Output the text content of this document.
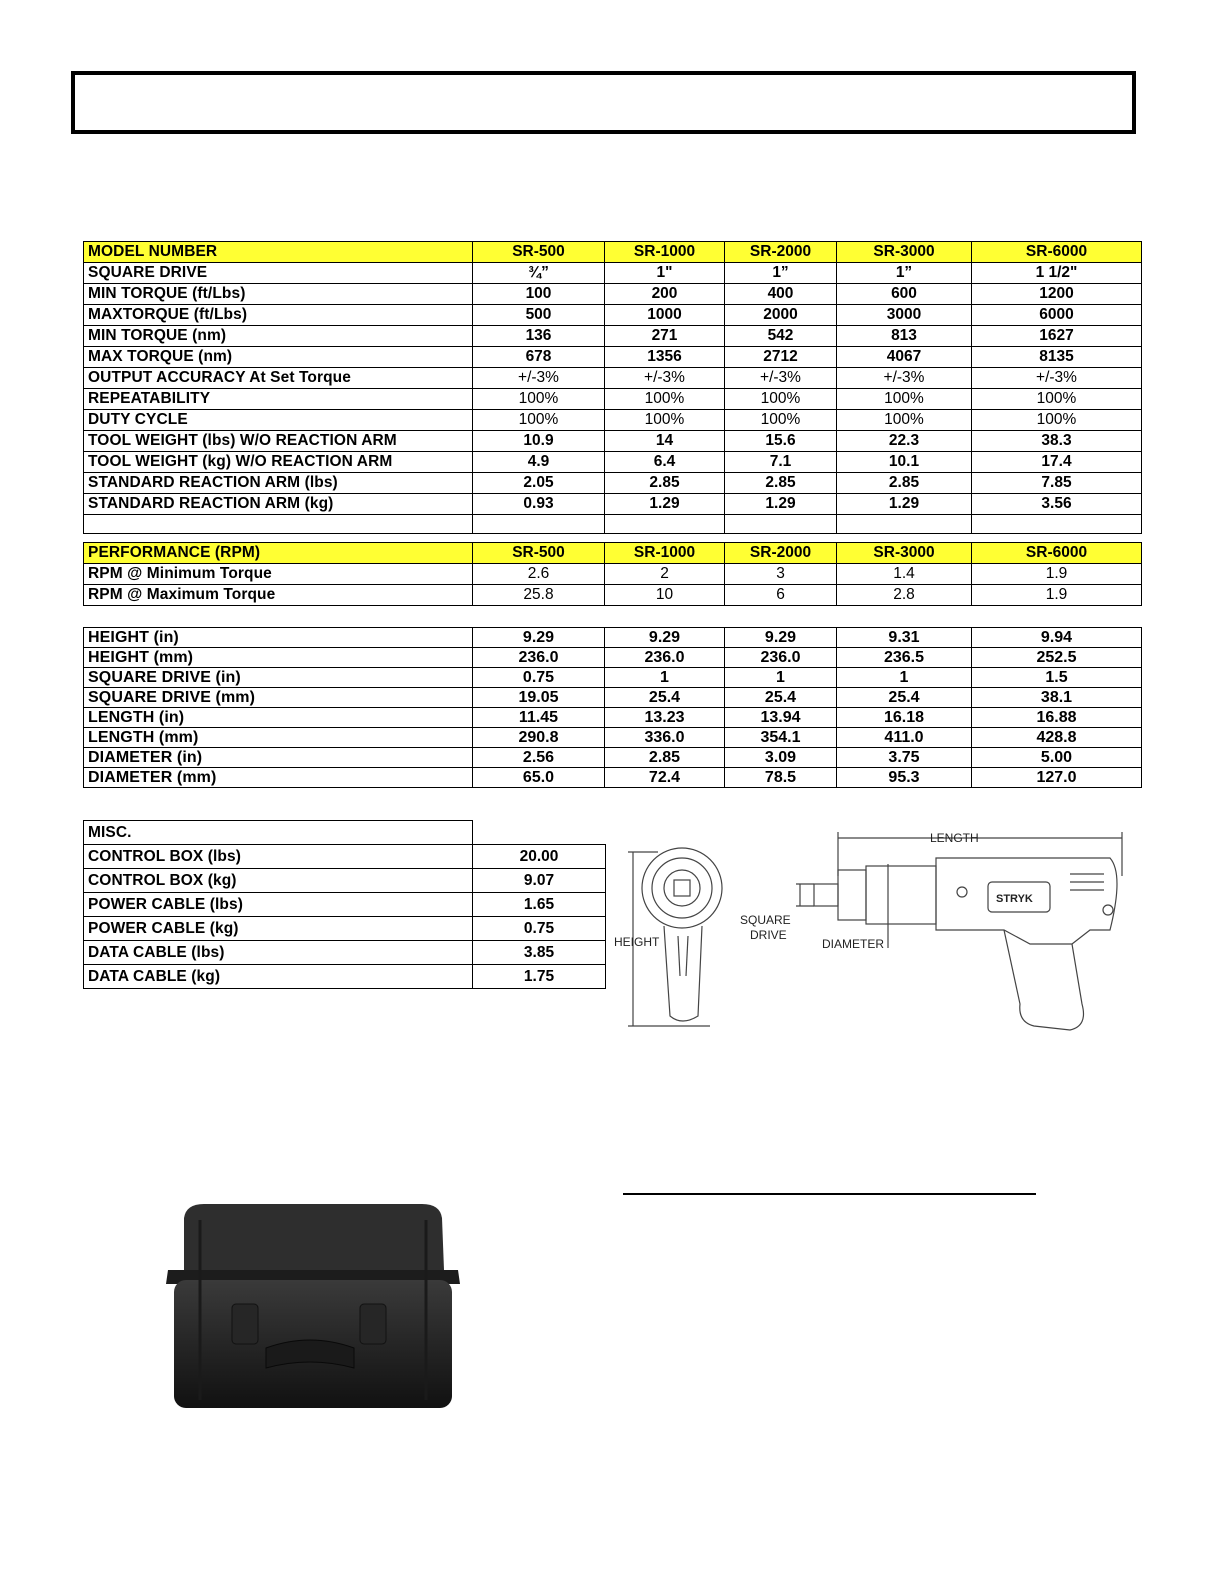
MODEL NUMBER	SR-500	SR-1000	SR-2000	SR-3000	SR-6000
SQUARE DRIVE	¾”	1"	1”	1”	1 1/2"
MIN TORQUE (ft/Lbs)	100	200	400	600	1200
MAXTORQUE (ft/Lbs)	500	1000	2000	3000	6000
MIN TORQUE (nm)	136	271	542	813	1627
MAX TORQUE (nm)	678	1356	2712	4067	8135
OUTPUT ACCURACY At Set Torque	+/-3%	+/-3%	+/-3%	+/-3%	+/-3%
REPEATABILITY	100%	100%	100%	100%	100%
DUTY CYCLE	100%	100%	100%	100%	100%
TOOL WEIGHT (lbs) W/O REACTION ARM	10.9	14	15.6	22.3	38.3
TOOL WEIGHT (kg) W/O REACTION ARM	4.9	6.4	7.1	10.1	17.4
STANDARD REACTION ARM (lbs)	2.05	2.85	2.85	2.85	7.85
STANDARD REACTION ARM (kg)	0.93	1.29	1.29	1.29	3.56

PERFORMANCE (RPM)	SR-500	SR-1000	SR-2000	SR-3000	SR-6000
RPM @ Minimum Torque	2.6	2	3	1.4	1.9
RPM @ Maximum Torque	25.8	10	6	2.8	1.9
HEIGHT (in)	9.29	9.29	9.29	9.31	9.94
HEIGHT (mm)	236.0	236.0	236.0	236.5	252.5
SQUARE DRIVE (in)	0.75	1	1	1	1.5
SQUARE DRIVE (mm)	19.05	25.4	25.4	25.4	38.1
LENGTH (in)	11.45	13.23	13.94	16.18	16.88
LENGTH (mm)	290.8	336.0	354.1	411.0	428.8
DIAMETER (in)	2.56	2.85	3.09	3.75	5.00
DIAMETER (mm)	65.0	72.4	78.5	95.3	127.0
MISC.	
CONTROL BOX (lbs)	20.00
CONTROL BOX (kg)	9.07
POWER CABLE (lbs)	1.65
POWER CABLE (kg)	0.75
DATA CABLE (lbs)	3.85
DATA CABLE (kg)	1.75
LENGTH
HEIGHT
SQUARE
DRIVE
DIAMETER
STRYK
